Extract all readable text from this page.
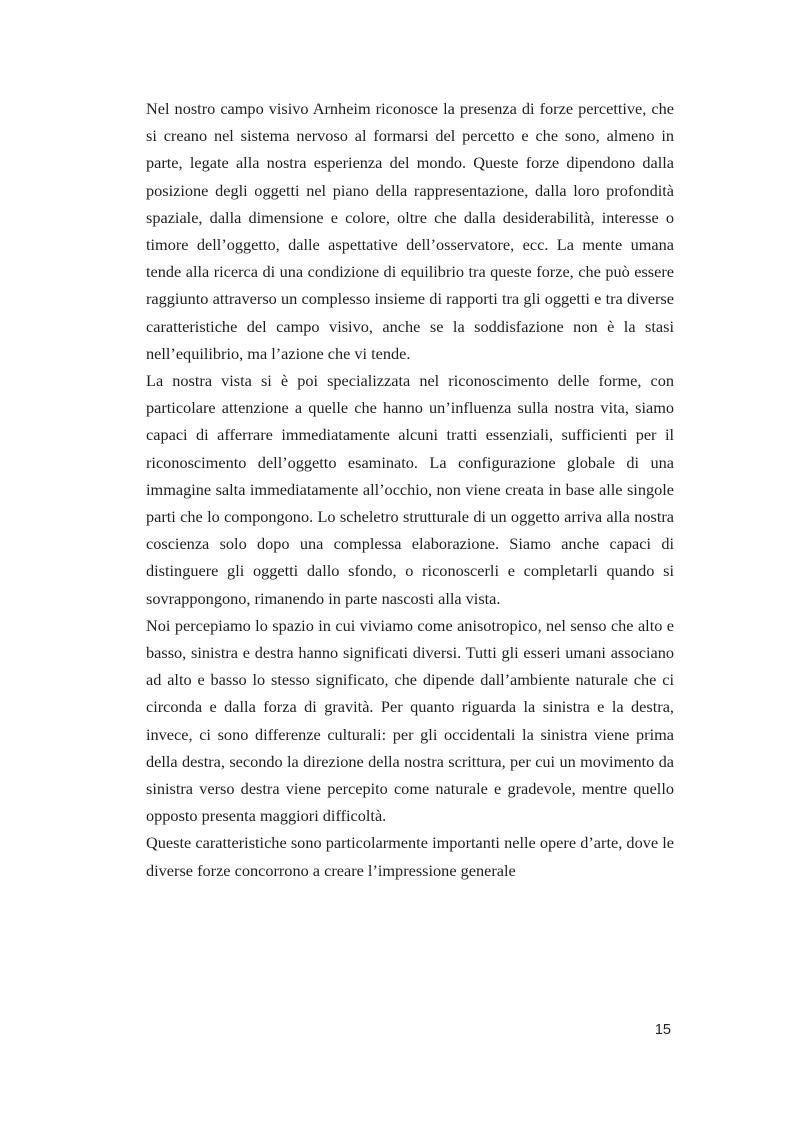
Nel nostro campo visivo Arnheim riconosce la presenza di forze percettive, che si creano nel sistema nervoso al formarsi del percetto e che sono, almeno in parte, legate alla nostra esperienza del mondo. Queste forze dipendono dalla posizione degli oggetti nel piano della rappresentazione, dalla loro profondità spaziale, dalla dimensione e colore, oltre che dalla desiderabilità, interesse o timore dell’oggetto, dalle aspettative dell’osservatore, ecc. La mente umana tende alla ricerca di una condizione di equilibrio tra queste forze, che può essere raggiunto attraverso un complesso insieme di rapporti tra gli oggetti e tra diverse caratteristiche del campo visivo, anche se la soddisfazione non è la stasi nell’equilibrio, ma l’azione che vi tende.

La nostra vista si è poi specializzata nel riconoscimento delle forme, con particolare attenzione a quelle che hanno un’influenza sulla nostra vita, siamo capaci di afferrare immediatamente alcuni tratti essenziali, sufficienti per il riconoscimento dell’oggetto esaminato. La configurazione globale di una immagine salta immediatamente all’occhio, non viene creata in base alle singole parti che lo compongono. Lo scheletro strutturale di un oggetto arriva alla nostra coscienza solo dopo una complessa elaborazione. Siamo anche capaci di distinguere gli oggetti dallo sfondo, o riconoscerli e completarli quando si sovrappongono, rimanendo in parte nascosti alla vista.

Noi percepiamo lo spazio in cui viviamo come anisotropico, nel senso che alto e basso, sinistra e destra hanno significati diversi. Tutti gli esseri umani associano ad alto e basso lo stesso significato, che dipende dall’ambiente naturale che ci circonda e dalla forza di gravità. Per quanto riguarda la sinistra e la destra, invece, ci sono differenze culturali: per gli occidentali la sinistra viene prima della destra, secondo la direzione della nostra scrittura, per cui un movimento da sinistra verso destra viene percepito come naturale e gradevole, mentre quello opposto presenta maggiori difficoltà.

Queste caratteristiche sono particolarmente importanti nelle opere d’arte, dove le diverse forze concorrono a creare l’impressione generale

15
